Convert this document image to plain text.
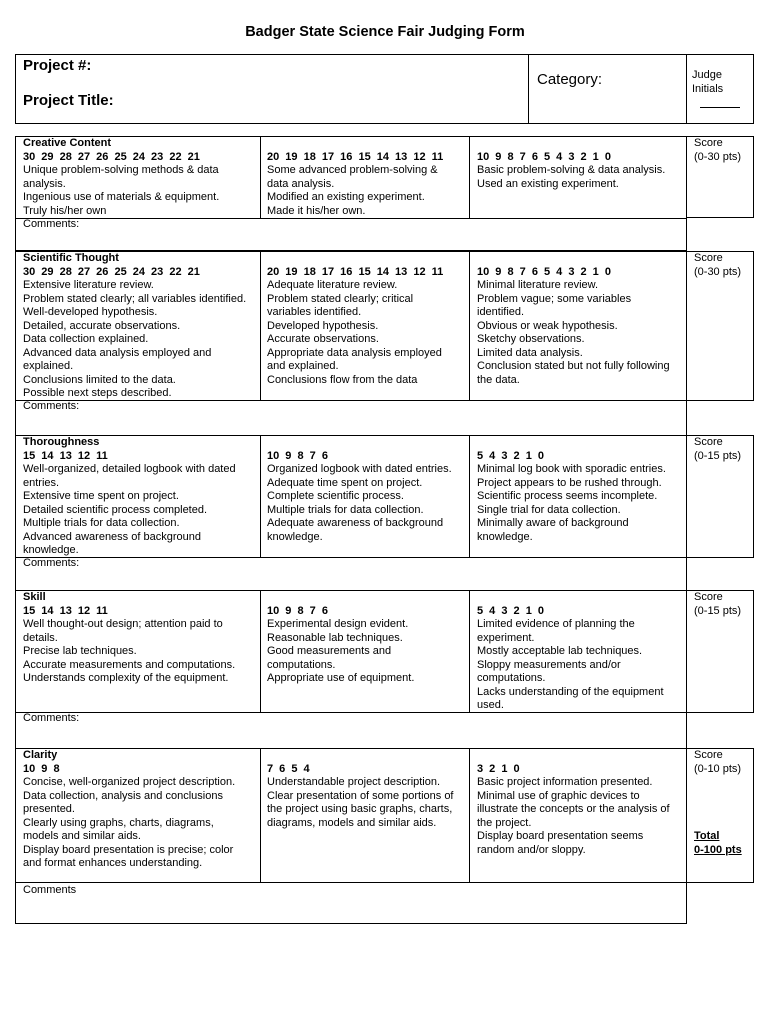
Badger State Science Fair Judging Form
Project #:
Project Title:
Category:	Judge
Initials
Creative Content
30 29 28 27 26 25 24 23 22 21
Unique problem-solving methods & data
analysis.
Ingenious use of materials & equipment.
Truly his/her own
20 19 18 17 16 15 14 13 12 11
Some advanced problem-solving &
data analysis.
Modified an existing experiment.
Made it his/her own.
10 9 8 7 6 5 4 3 2 1 0
Basic problem-solving & data analysis.
Used an existing experiment.
Score
(0-30 pts)
Comments:
Scientific Thought
30 29 28 27 26 25 24 23 22 21
Extensive literature review.
Problem stated clearly; all variables identified.
Well-developed hypothesis.
Detailed, accurate observations.
Data collection explained.
Advanced data analysis employed and
explained.
Conclusions limited to the data.
Possible next steps described.
20 19 18 17 16 15 14 13 12 11
Adequate literature review.
Problem stated clearly; critical
variables identified.
Developed hypothesis.
Accurate observations.
Appropriate data analysis employed
and explained.
Conclusions flow from the data
10 9 8 7 6 5 4 3 2 1 0
Minimal literature review.
Problem vague; some variables
identified.
Obvious or weak hypothesis.
Sketchy observations.
Limited data analysis.
Conclusion stated but not fully following
the data.
Score
(0-30 pts)
Comments:
Thoroughness
15 14 13 12 11
Well-organized, detailed logbook with dated
entries.
Extensive time spent on project.
Detailed scientific process completed.
Multiple trials for data collection.
Advanced awareness of background
knowledge.
10 9 8 7 6
Organized logbook with dated entries.
Adequate time spent on project.
Complete scientific process.
Multiple trials for data collection.
Adequate awareness of background
knowledge.
5 4 3 2 1 0
Minimal log book with sporadic entries.
Project appears to be rushed through.
Scientific process seems incomplete.
Single trial for data collection.
Minimally aware of background
knowledge.
Score
(0-15 pts)
Comments:
Skill
15 14 13 12 11
Well thought-out design; attention paid to
details.
Precise lab techniques.
Accurate measurements and computations.
Understands complexity of the equipment.
10 9 8 7 6
Experimental design evident.
Reasonable lab techniques.
Good measurements and
computations.
Appropriate use of equipment.
5 4 3 2 1 0
Limited evidence of planning the
experiment.
Mostly acceptable lab techniques.
Sloppy measurements and/or
computations.
Lacks understanding of the equipment
used.
Score
(0-15 pts)
Comments:
Clarity
10 9 8
Concise, well-organized project description.
Data collection, analysis and conclusions
presented.
Clearly using graphs, charts, diagrams,
models and similar aids.
Display board presentation is precise; color
and format enhances understanding.
7 6 5 4
Understandable project description.
Clear presentation of some portions of
the project using basic graphs, charts,
diagrams, models and similar aids.
3 2 1 0
Basic project information presented.
Minimal use of graphic devices to
illustrate the concepts or the analysis of
the project.
Display board presentation seems
random and/or sloppy.
Score
(0-10 pts)
Total
0-100 pts
Comments
